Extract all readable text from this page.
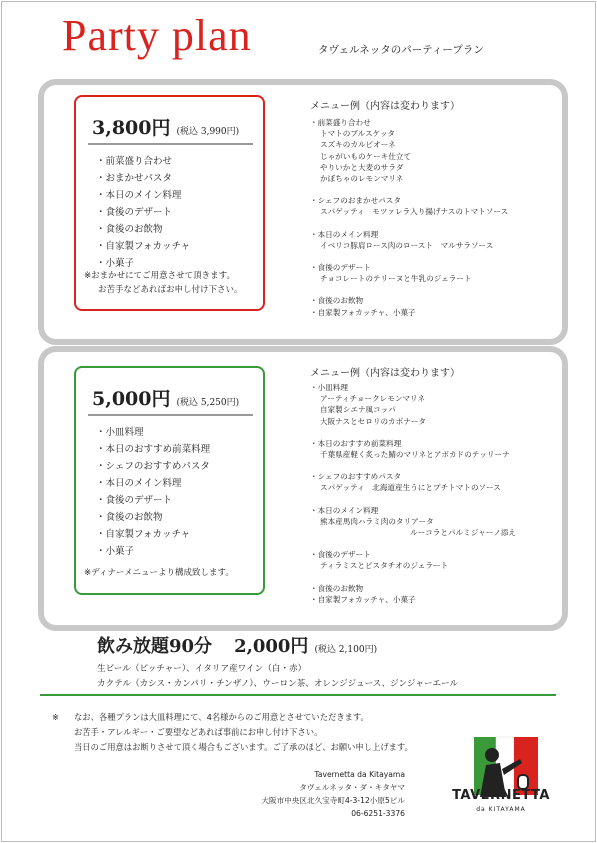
Party plan	タヴェルネッタのパーティープラン
3,800円 (税込 3,990円)
・ 前菜盛り合わせ
・ おまかせパスタ
・ 本日のメイン料理
・ 食後のデザート
・ 食後のお飲物
・ 自家製フォカッチャ
・ 小菓子
※おまかせにてご用意させて頂きます。
お苦手などあればお申し付け下さい。
メニュー例（内容は変わります）
・ 前菜盛り合わせ
トマトのブルスケッタ
スズキのカルピオーネ
じゃがいものケーキ仕立て
やりいかと大麦のサラダ
かぼちゃのレモンマリネ
・ シェフのおまかせパスタ
スパゲッティ　モツァレラ入り揚げナスのトマトソース
・ 本日のメイン料理
イベリコ豚肩ロース肉のロースト　マルサラソース
・ 食後のデザート
チョコレートのテリーヌと牛乳のジェラート
・ 食後のお飲物
・ 自家製フォカッチャ、小菓子
5,000円 (税込 5,250円)
・ 小皿料理
・ 本日のおすすめ前菜料理
・ シェフのおすすめパスタ
・ 本日のメイン料理
・ 食後のデザート
・ 食後のお飲物
・ 自家製フォカッチャ
・ 小菓子
※ディナーメニューより構成致します。
メニュー例（内容は変わります）
・ 小皿料理
アーティチョークレモンマリネ
自家製シエナ風コッパ
大阪ナスとセロリのカポナータ
・ 本日のおすすめ前菜料理
千葉県産軽く炙った鯖のマリネとアボカドのテッリーナ
・ シェフのおすすめパスタ
スパゲッティ　北海道産生うにとプチトマトのソース
・ 本日のメイン料理
熊本産馬肉ハラミ肉のタリアータ
ルーコラとパルミジャーノ添え
・ 食後のデザート
ティラミスとピスタチオのジェラート
・ 食後のお飲物
・ 自家製フォカッチャ、小菓子
飲み放題90分 2,000円 (税込 2,100円)
生ビール（ピッチャー）、イタリア産ワイン（白・赤）
カクテル（カシス・カンパリ・チンザノ）、ウーロン茶、オレンジジュース、ジンジャーエール
※ なお、各種プランは大皿料理にて、4名様からのご用意とさせていただきます。
お苦手・アレルギー・ご要望などあれば事前にお申し付け下さい。
当日のご用意はお断りさせて頂く場合もございます。ご了承のほど、お願い申し上げます。
Tavernetta da Kitayama
タヴェルネッタ・ダ・キタヤマ
大阪市中央区北久宝寺町4-3-12小原5ビル
06-6251-3376
TAVERNETTA
da KITAYAMA
